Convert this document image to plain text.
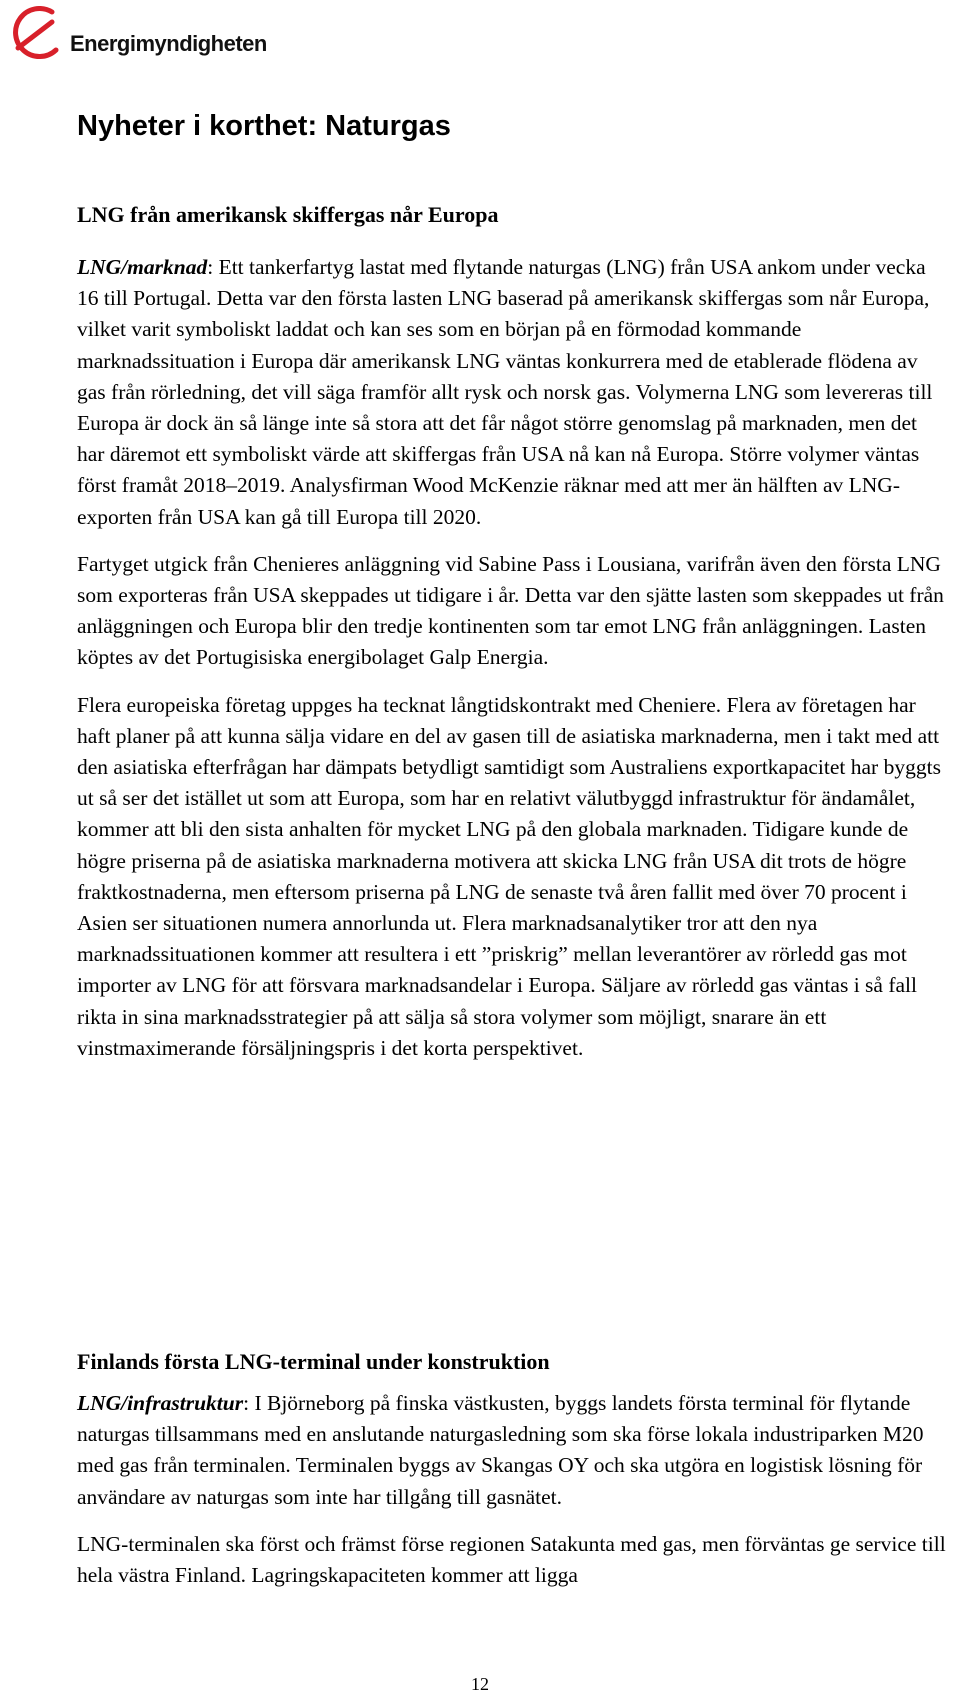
Energimyndigheten
Nyheter i korthet: Naturgas
LNG från amerikansk skiffergas når Europa

LNG/marknad: Ett tankerfartyg lastat med flytande naturgas (LNG) från USA ankom under vecka 16 till Portugal. Detta var den första lasten LNG baserad på amerikansk skiffergas som når Europa, vilket varit symboliskt laddat och kan ses som en början på en förmodad kommande marknadssituation i Europa där amerikansk LNG väntas konkurrera med de etablerade flödena av gas från rörledning, det vill säga framför allt rysk och norsk gas. Volymerna LNG som levereras till Europa är dock än så länge inte så stora att det får något större genomslag på marknaden, men det har däremot ett symboliskt värde att skiffergas från USA nå kan nå Europa. Större volymer väntas först framåt 2018–2019. Analysfirman Wood McKenzie räknar med att mer än hälften av LNG-exporten från USA kan gå till Europa till 2020.

Fartyget utgick från Chenieres anläggning vid Sabine Pass i Lousiana, varifrån även den första LNG som exporteras från USA skeppades ut tidigare i år. Detta var den sjätte lasten som skeppades ut från anläggningen och Europa blir den tredje kontinenten som tar emot LNG från anläggningen. Lasten köptes av det Portugisiska energibolaget Galp Energia.

Flera europeiska företag uppges ha tecknat långtidskontrakt med Cheniere. Flera av företagen har haft planer på att kunna sälja vidare en del av gasen till de asiatiska marknaderna, men i takt med att den asiatiska efterfrågan har dämpats betydligt samtidigt som Australiens exportkapacitet har byggts ut så ser det istället ut som att Europa, som har en relativt välutbyggd infrastruktur för ändamålet, kommer att bli den sista anhalten för mycket LNG på den globala marknaden. Tidigare kunde de högre priserna på de asiatiska marknaderna motivera att skicka LNG från USA dit trots de högre fraktkostnaderna, men eftersom priserna på LNG de senaste två åren fallit med över 70 procent i Asien ser situationen numera annorlunda ut. Flera marknadsanalytiker tror att den nya marknadssituationen kommer att resultera i ett ”priskrig” mellan leverantörer av rörledd gas mot importer av LNG för att försvara marknadsandelar i Europa. Säljare av rörledd gas väntas i så fall rikta in sina marknadsstrategier på att sälja så stora volymer som möjligt, snarare än ett vinstmaximerande försäljningspris i det korta perspektivet.

Finlands första LNG-terminal under konstruktion

LNG/infrastruktur: I Björneborg på finska västkusten, byggs landets första terminal för flytande naturgas tillsammans med en anslutande naturgasledning som ska förse lokala industriparken M20 med gas från terminalen. Terminalen byggs av Skangas OY och ska utgöra en logistisk lösning för användare av naturgas som inte har tillgång till gasnätet.

LNG-terminalen ska först och främst förse regionen Satakunta med gas, men förväntas ge service till hela västra Finland. Lagringskapaciteten kommer att ligga

12
